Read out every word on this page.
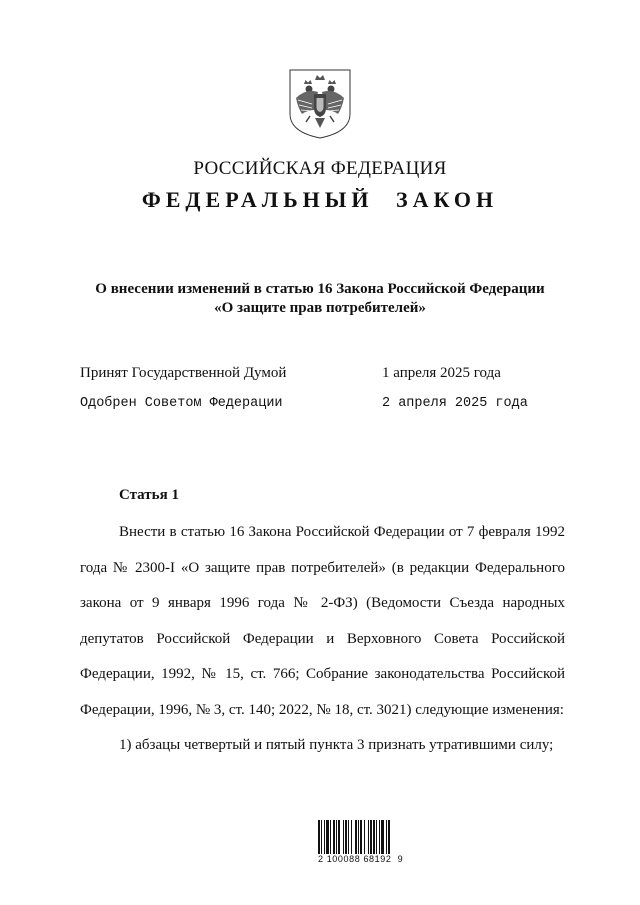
РОССИЙСКАЯ ФЕДЕРАЦИЯ
ФЕДЕРАЛЬНЫЙ ЗАКОН
О внесении изменений в статью 16 Закона Российской Федерации
«О защите прав потребителей»
Принят Государственной Думой	1 апреля 2025 года
Одобрен Советом Федерации	2 апреля 2025 года
Статья 1

Внести в статью 16 Закона Российской Федерации от 7 февраля 1992 года № 2300-I «О защите прав потребителей» (в редакции Федерального закона от 9 января 1996 года № 2-ФЗ) (Ведомости Съезда народных депутатов Российской Федерации и Верховного Совета Российской Федерации, 1992, № 15, ст. 766; Собрание законодательства Российской Федерации, 1996, № 3, ст. 140; 2022, № 18, ст. 3021) следующие изменения:

1) абзацы четвертый и пятый пункта 3 признать утратившими силу;

2 100088 68192  9
